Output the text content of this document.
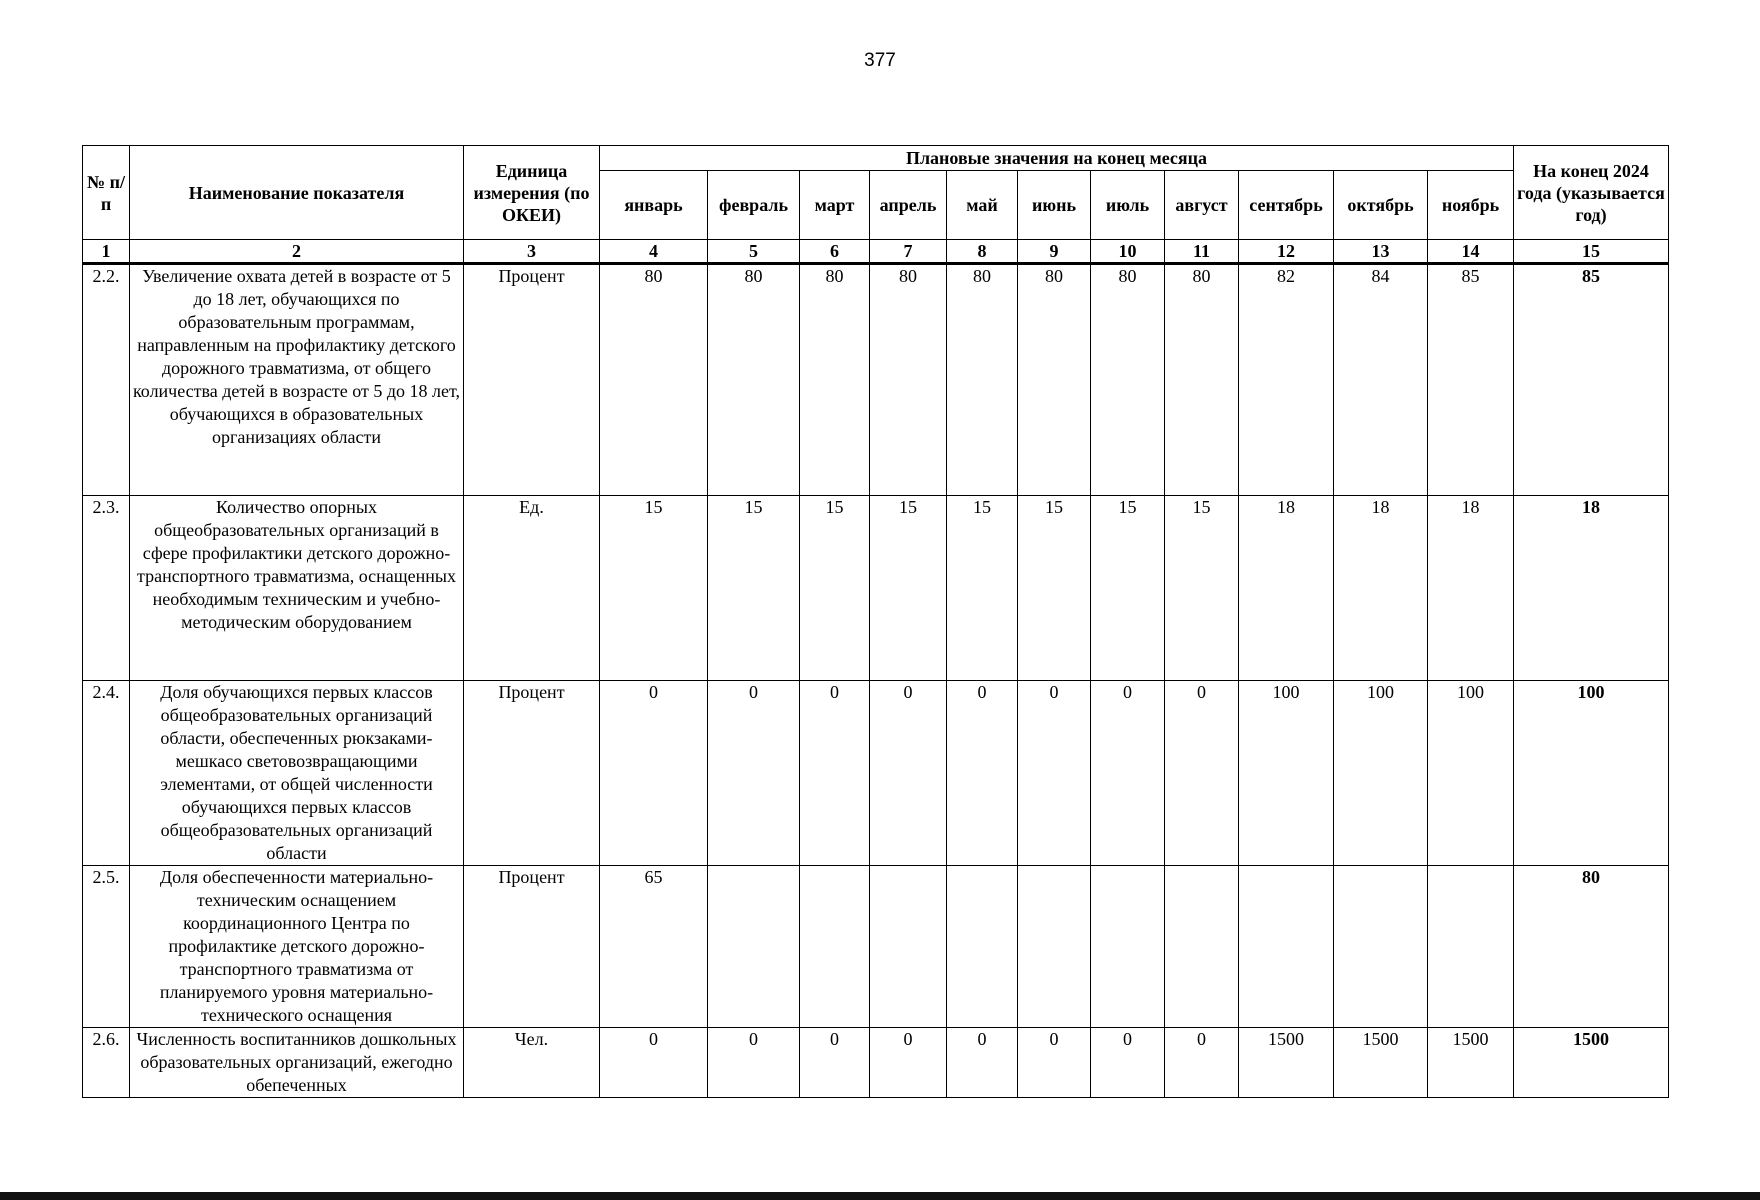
377
№ п/п	Наименование показателя	Единица измерения (по ОКЕИ)	Плановые значения на конец месяца											На конец 2024 года (указывается год)
			январь	февраль	март	апрель	май	июнь	июль	август	сентябрь	октябрь	ноябрь	
1	2	3	4	5	6	7	8	9	10	11	12	13	14	15
2.2.	Увеличение охвата детей в возрасте от 5 до 18 лет, обучающихся по образовательным программам, направленным на профилактику детского дорожного травматизма, от общего количества детей в возрасте от 5 до 18 лет, обучающихся в образовательных организациях области	Процент	80	80	80	80	80	80	80	80	82	84	85	85
2.3.	Количество опорных общеобразовательных организаций в сфере профилактики детского дорожно-транспортного травматизма, оснащенных необходимым техническим и учебно-методическим оборудованием	Ед.	15	15	15	15	15	15	15	15	18	18	18	18
2.4.	Доля обучающихся первых классов общеобразовательных организаций области, обеспеченных рюкзаками-мешкасо световозвращающими элементами, от общей численности обучающихся первых классов общеобразовательных организаций области	Процент	0	0	0	0	0	0	0	0	100	100	100	100
2.5.	Доля обеспеченности материально-техническим оснащением координационного Центра по профилактике детского дорожно-транспортного травматизма от планируемого уровня материально-технического оснащения	Процент	65											80
2.6.	Численность воспитанников дошкольных образовательных организаций, ежегодно обепеченных	Чел.	0	0	0	0	0	0	0	0	1500	1500	1500	1500
